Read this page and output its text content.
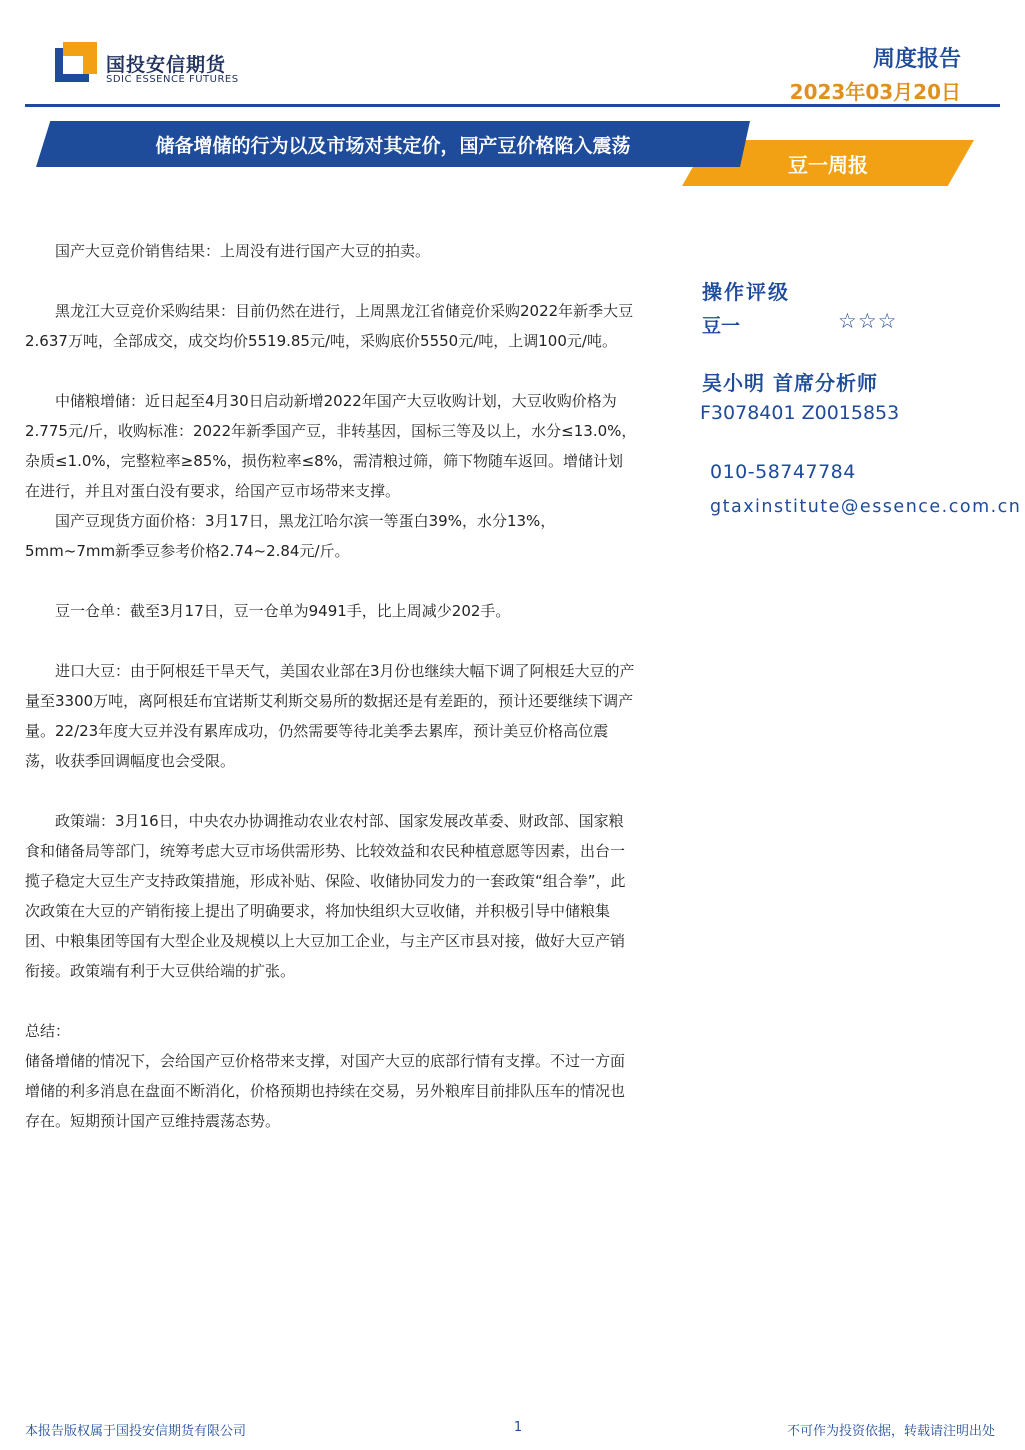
国投安信期货
SDIC ESSENCE FUTURES
周度报告
2023年03月20日
豆一周报
储备增储的行为以及市场对其定价，国产豆价格陷入震荡

国产大豆竞价销售结果：上周没有进行国产大豆的拍卖。

黑龙江大豆竞价采购结果：目前仍然在进行，上周黑龙江省储竞价采购2022年新季大豆2.637万吨，全部成交，成交均价5519.85元/吨，采购底价5550元/吨，上调100元/吨。

中储粮增储：近日起至4月30日启动新增2022年国产大豆收购计划，大豆收购价格为2.775元/斤，收购标准：2022年新季国产豆，非转基因，国标三等及以上，水分≤13.0%，杂质≤1.0%，完整粒率≥85%，损伤粒率≤8%，需清粮过筛，筛下物随车返回。增储计划在进行，并且对蛋白没有要求，给国产豆市场带来支撑。

国产豆现货方面价格：3月17日，黑龙江哈尔滨一等蛋白39%，水分13%，5mm~7mm新季豆参考价格2.74~2.84元/斤。

豆一仓单：截至3月17日，豆一仓单为9491手，比上周减少202手。

进口大豆：由于阿根廷干旱天气，美国农业部在3月份也继续大幅下调了阿根廷大豆的产量至3300万吨，离阿根廷布宜诺斯艾利斯交易所的数据还是有差距的，预计还要继续下调产量。22/23年度大豆并没有累库成功，仍然需要等待北美季去累库，预计美豆价格高位震荡，收获季回调幅度也会受限。

政策端：3月16日，中央农办协调推动农业农村部、国家发展改革委、财政部、国家粮食和储备局等部门，统筹考虑大豆市场供需形势、比较效益和农民种植意愿等因素，出台一揽子稳定大豆生产支持政策措施，形成补贴、保险、收储协同发力的一套政策“组合拳”，此次政策在大豆的产销衔接上提出了明确要求，将加快组织大豆收储，并积极引导中储粮集团、中粮集团等国有大型企业及规模以上大豆加工企业，与主产区市县对接，做好大豆产销衔接。政策端有利于大豆供给端的扩张。

总结：

储备增储的情况下，会给国产豆价格带来支撑，对国产大豆的底部行情有支撑。不过一方面增储的利多消息在盘面不断消化，价格预期也持续在交易，另外粮库目前排队压车的情况也存在。短期预计国产豆维持震荡态势。

操作评级
豆一	☆☆☆
吴小明 首席分析师
F3078401 Z0015853
010-58747784
gtaxinstitute@essence.com.cn
本报告版权属于国投安信期货有限公司	1	不可作为投资依据，转载请注明出处
